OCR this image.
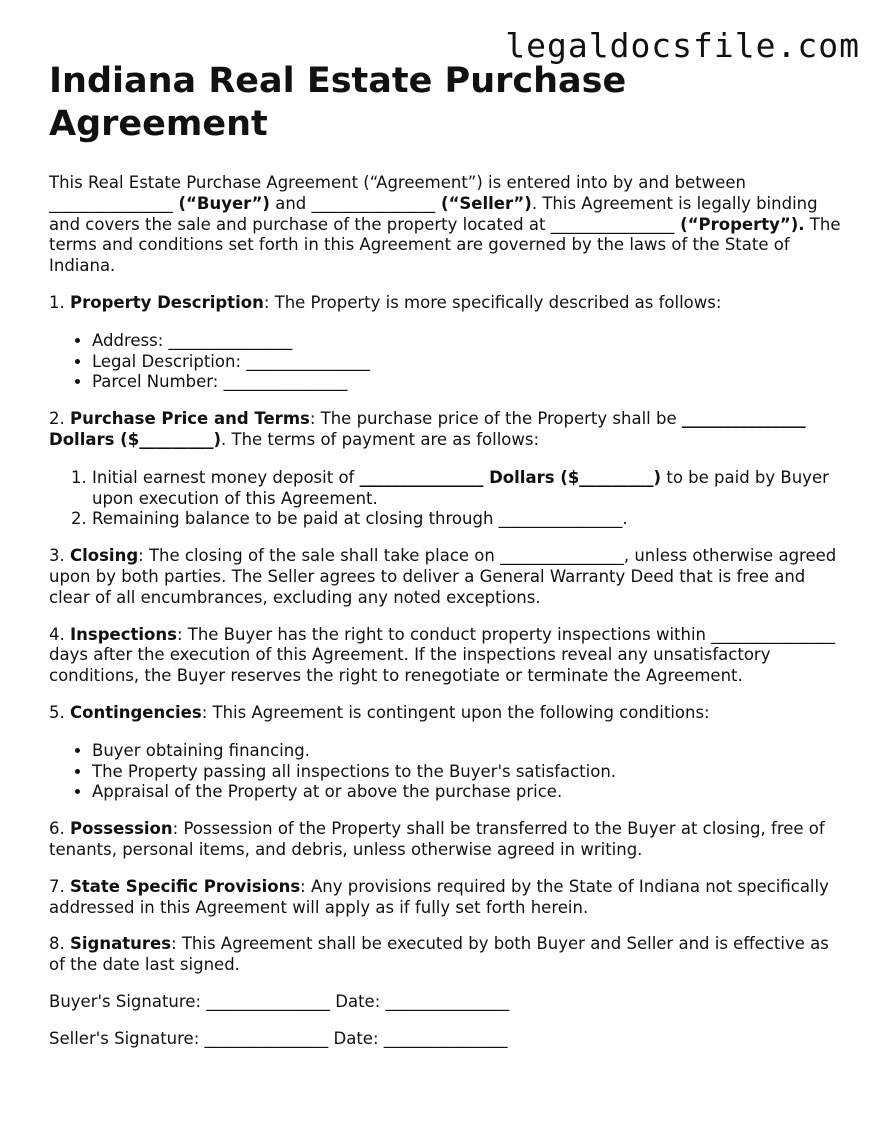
legaldocsfile.com
Indiana Real Estate Purchase Agreement

This Real Estate Purchase Agreement (“Agreement”) is entered into by and between _______________ (“Buyer”) and _______________ (“Seller”). This Agreement is legally binding and covers the sale and purchase of the property located at _______________ (“Property”). The terms and conditions set forth in this Agreement are governed by the laws of the State of Indiana.

1. Property Description: The Property is more specifically described as follows:

• Address: _______________
• Legal Description: _______________
• Parcel Number: _______________

2. Purchase Price and Terms: The purchase price of the Property shall be _______________ Dollars ($_________). The terms of payment are as follows:

1. Initial earnest money deposit of _______________ Dollars ($_________) to be paid by Buyer upon execution of this Agreement.
2. Remaining balance to be paid at closing through _______________.

3. Closing: The closing of the sale shall take place on _______________, unless otherwise agreed upon by both parties. The Seller agrees to deliver a General Warranty Deed that is free and clear of all encumbrances, excluding any noted exceptions.

4. Inspections: The Buyer has the right to conduct property inspections within _______________ days after the execution of this Agreement. If the inspections reveal any unsatisfactory conditions, the Buyer reserves the right to renegotiate or terminate the Agreement.

5. Contingencies: This Agreement is contingent upon the following conditions:

• Buyer obtaining financing.
• The Property passing all inspections to the Buyer's satisfaction.
• Appraisal of the Property at or above the purchase price.

6. Possession: Possession of the Property shall be transferred to the Buyer at closing, free of tenants, personal items, and debris, unless otherwise agreed in writing.

7. State Specific Provisions: Any provisions required by the State of Indiana not specifically addressed in this Agreement will apply as if fully set forth herein.

8. Signatures: This Agreement shall be executed by both Buyer and Seller and is effective as of the date last signed.

Buyer's Signature: _______________ Date: _______________

Seller's Signature: _______________ Date: _______________
